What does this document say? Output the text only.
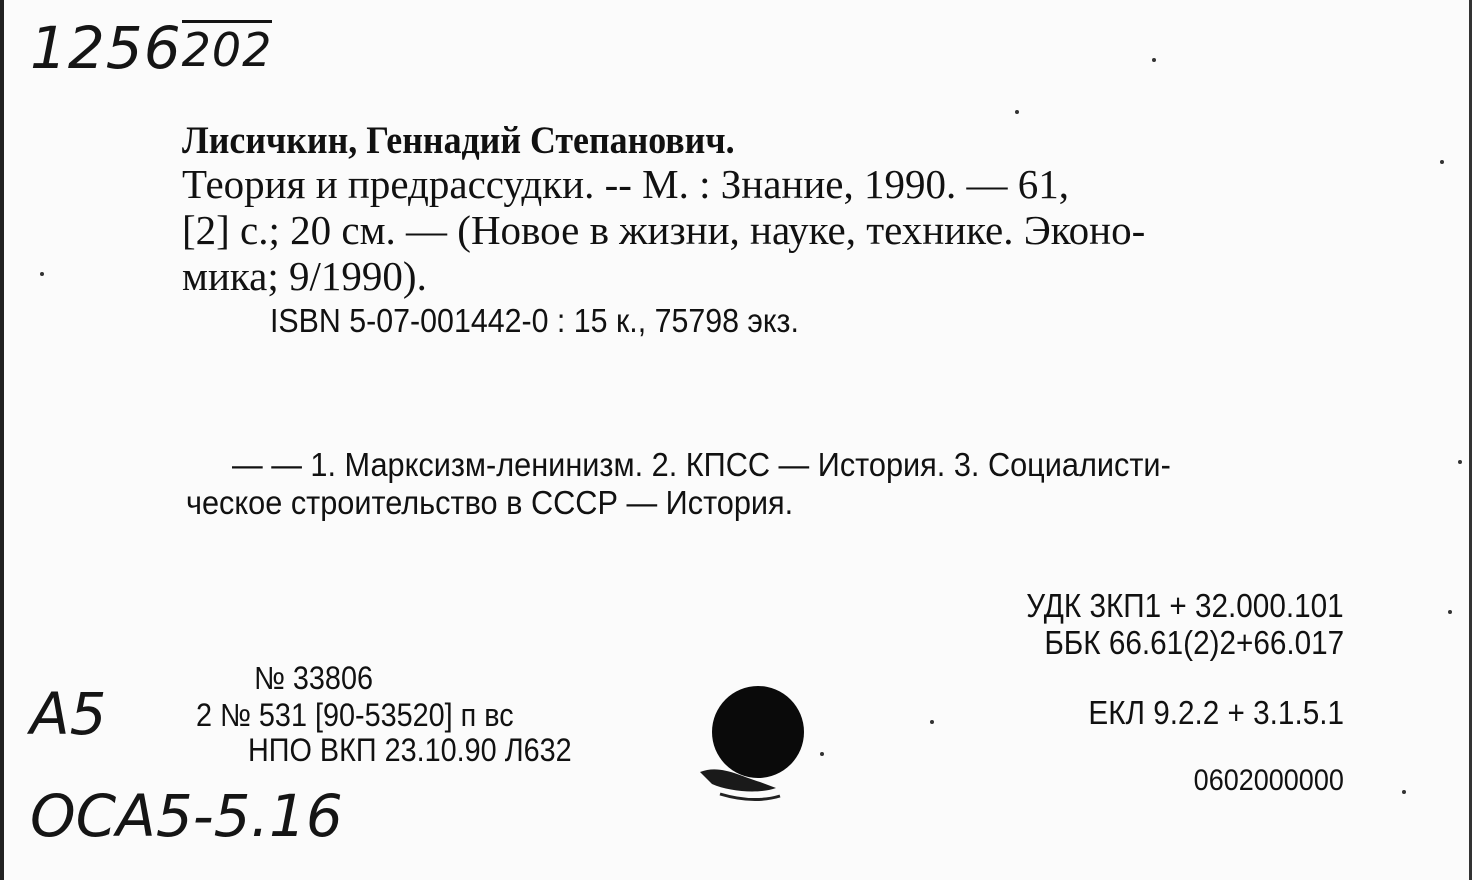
1256202
Лисичкин, Геннадий Степанович.
Теория и предрассудки. -- М. : Знание, 1990. — 61,
[2] с.; 20 см. — (Новое в жизни, науке, технике. Эконо-
мика; 9/1990).
ISBN 5-07-001442-0 : 15 к., 75798 экз.
— — 1. Марксизм-ленинизм. 2. КПСС — История. 3. Социалисти-
ческое строительство в СССР — История.
УДК 3КП1 + 32.000.101
ББК 66.61(2)2+66.017
ЕКЛ 9.2.2 + 3.1.5.1
0602000000
№ 33806
2 № 531 [90-53520] п вс
НПО ВКП 23.10.90 Л632
А5
ОСА5-5.16
